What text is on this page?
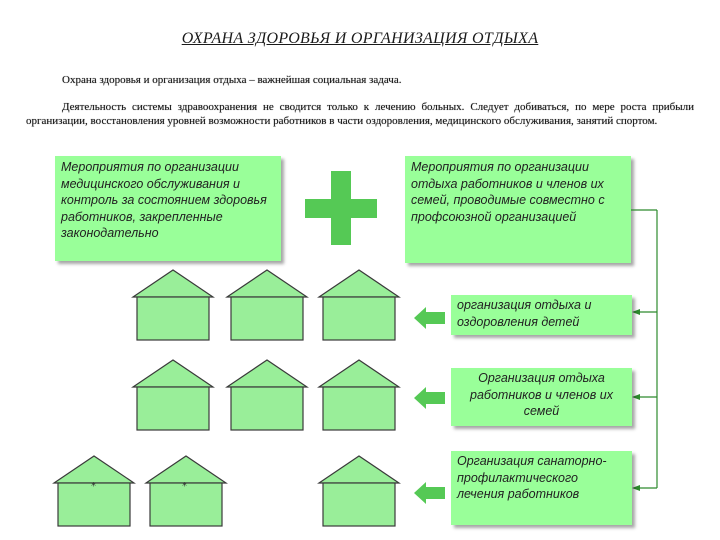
ОХРАНА ЗДОРОВЬЯ И ОРГАНИЗАЦИЯ ОТДЫХА
Охрана здоровья и организация отдыха – важнейшая социальная задача.
Деятельность системы здравоохранения не сводится только к лечению больных. Следует добиваться, по мере роста прибыли организации, восстановления уровней возможности работников в части оздоровления, медицинского обслуживания, занятий спортом.
Мероприятия по организации медицинского обслуживания и контроль за состоянием здоровья работников, закрепленные законодательно
Мероприятия по организации отдыха работников и членов их семей, проводимые совместно с профсоюзной организацией
*	*
организация отдыха и оздоровления детей
Организация отдыха работников и членов их семей
Организация санаторно-профилактического лечения работников
